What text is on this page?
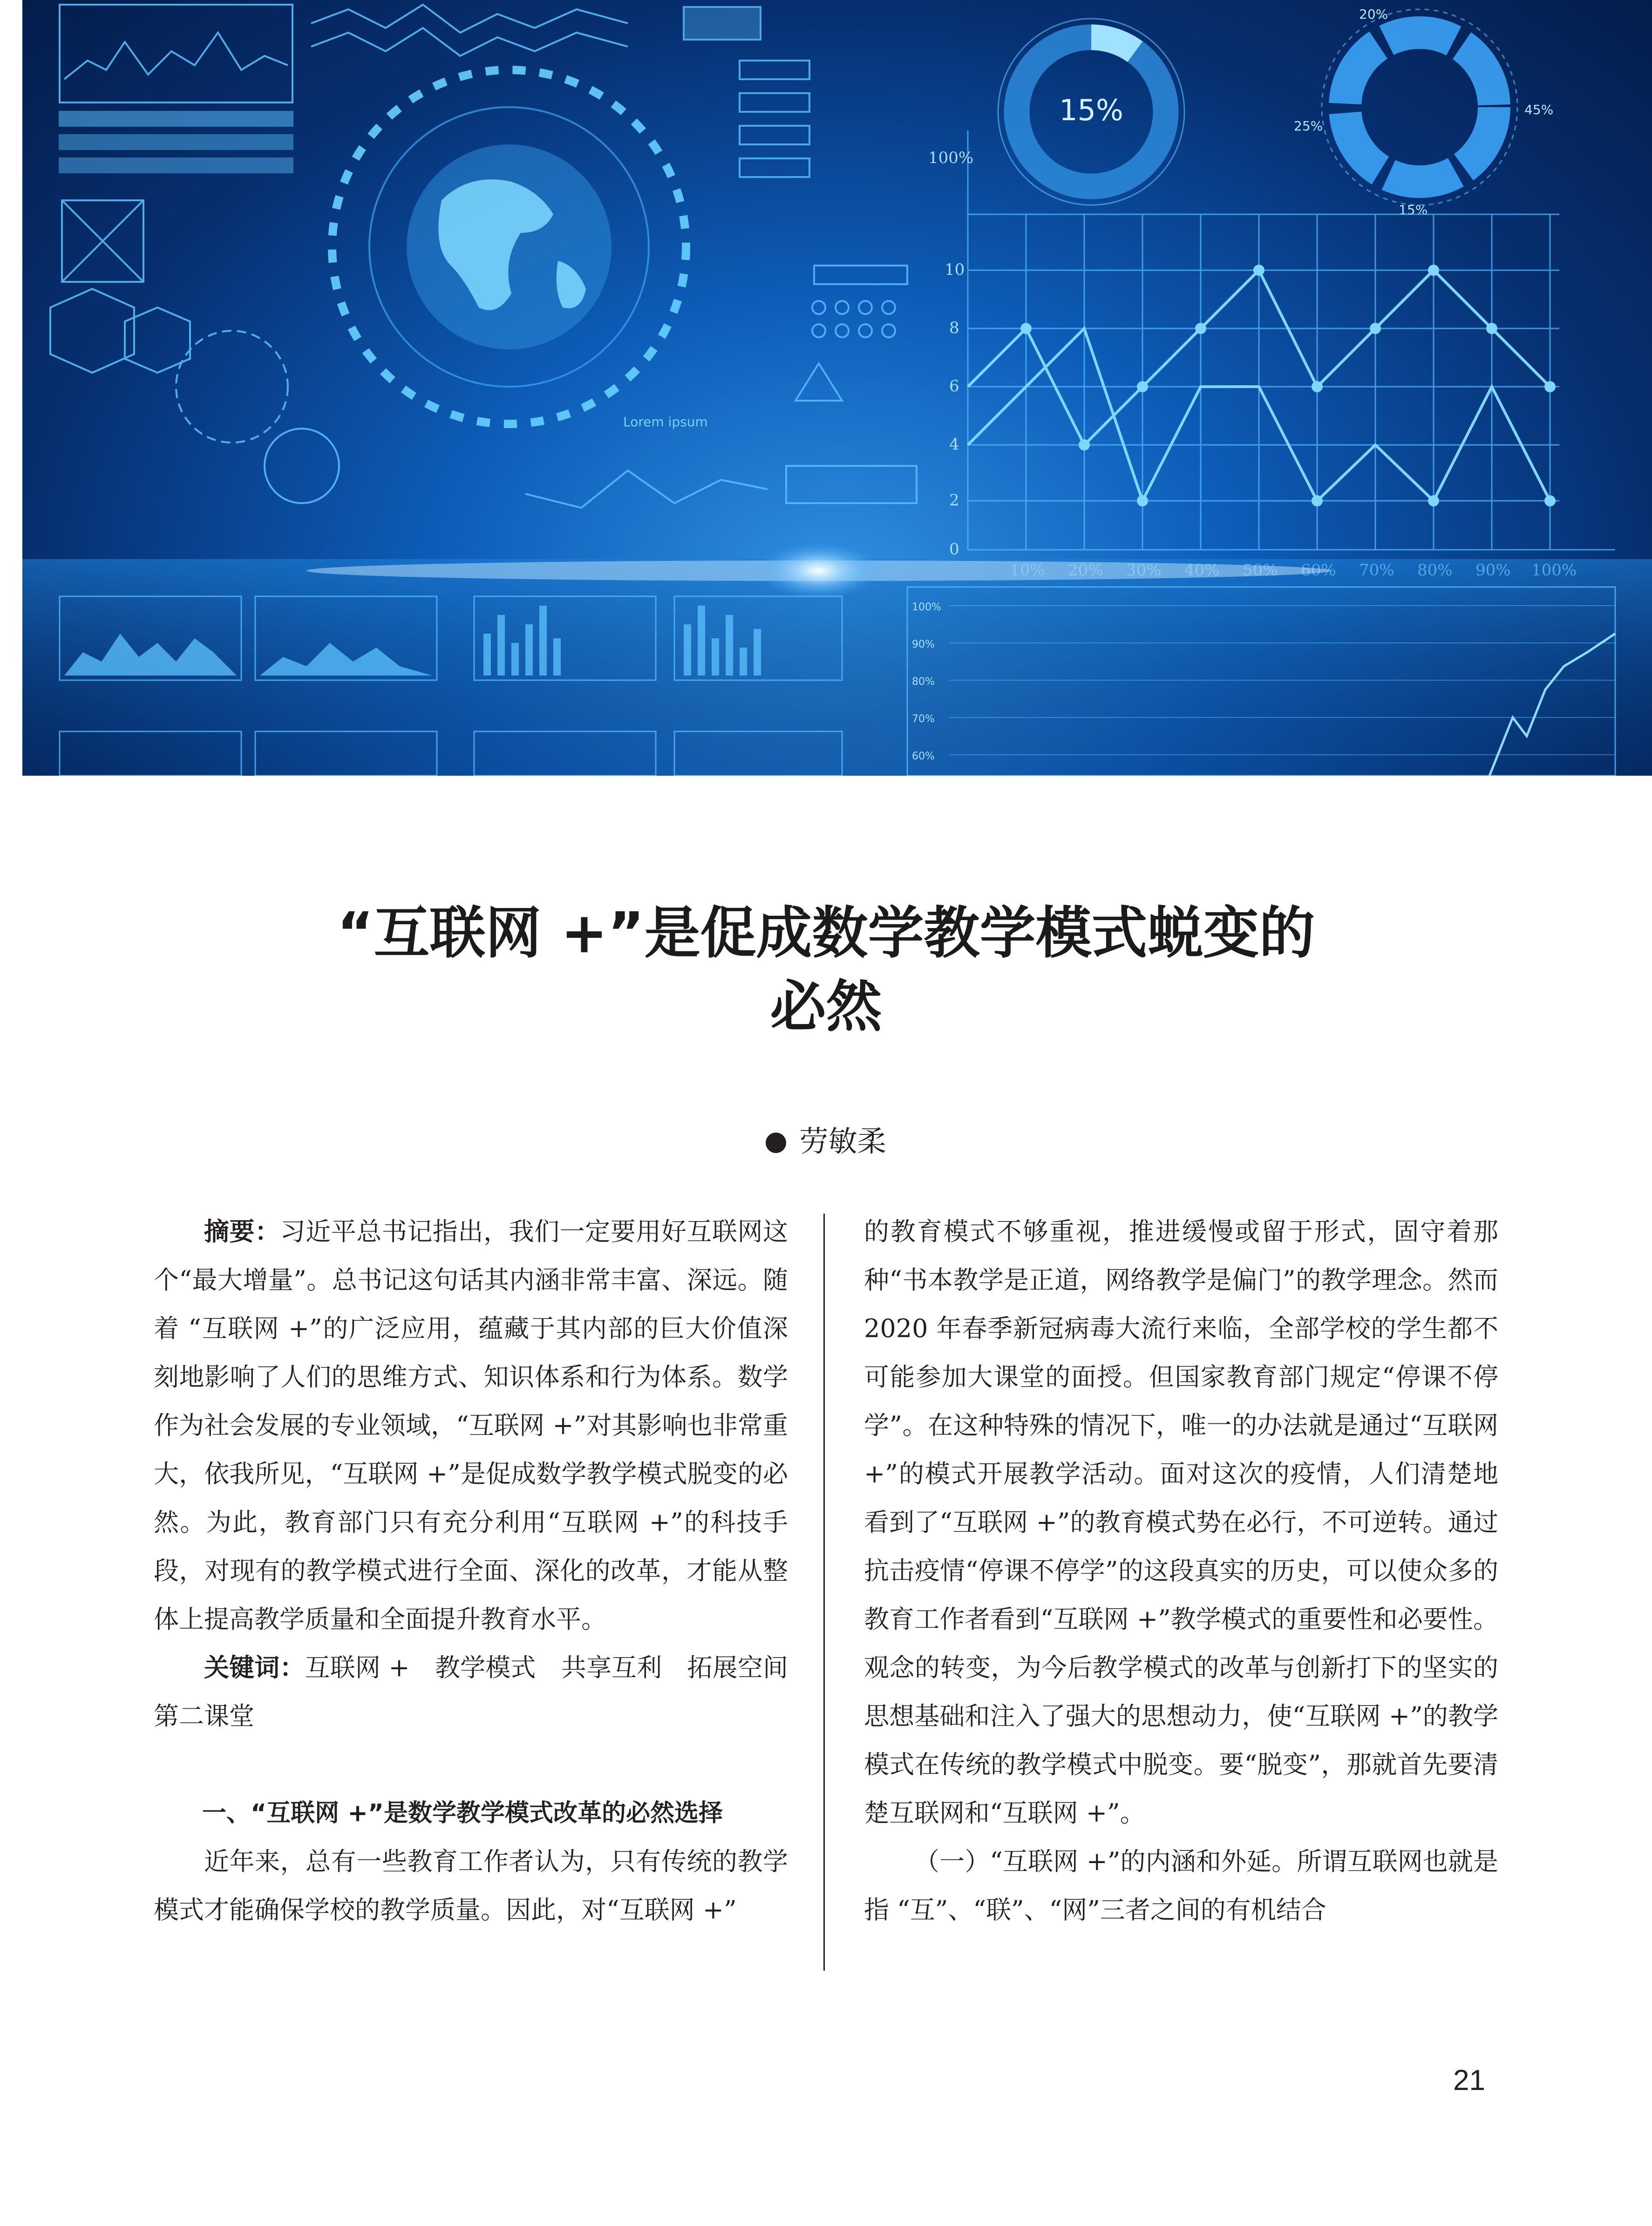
15%
20%
45%
25%
15%
100%
10
8
6
4
2
0
Lorem ipsum
100%
90%
80%
70%
60%
“互联网 +”是促成数学教学模式蜕变的
必然
劳敏柔

摘要：习近平总书记指出，我们一定要用好互联网这个“最大增量”。总书记这句话其内涵非常丰富、深远。随着 “互联网 +”的广泛应用，蕴藏于其内部的巨大价值深刻地影响了人们的思维方式、知识体系和行为体系。数学作为社会发展的专业领域，“互联网 +”对其影响也非常重大，依我所见，“互联网 +”是促成数学教学模式脱变的必然。为此，教育部门只有充分利用“互联网 +”的科技手段，对现有的教学模式进行全面、深化的改革，才能从整体上提高教学质量和全面提升教育水平。

关键词：互联网 +　教学模式　共享互利　拓展空间　第二课堂

一、“互联网 +”是数学教学模式改革的必然选择

近年来，总有一些教育工作者认为，只有传统的教学模式才能确保学校的教学质量。因此，对“互联网 +”

的教育模式不够重视，推进缓慢或留于形式，固守着那种“书本教学是正道，网络教学是偏门”的教学理念。然而 2020 年春季新冠病毒大流行来临，全部学校的学生都不可能参加大课堂的面授。但国家教育部门规定“停课不停学”。在这种特殊的情况下，唯一的办法就是通过“互联网 +”的模式开展教学活动。面对这次的疫情，人们清楚地看到了“互联网 +”的教育模式势在必行，不可逆转。通过抗击疫情“停课不停学”的这段真实的历史，可以使众多的教育工作者看到“互联网 +”教学模式的重要性和必要性。观念的转变，为今后教学模式的改革与创新打下的坚实的思想基础和注入了强大的思想动力，使“互联网 +”的教学模式在传统的教学模式中脱变。要“脱变”，那就首先要清楚互联网和“互联网 +”。

（一）“互联网 +”的内涵和外延。所谓互联网也就是指 “互”、“联”、“网”三者之间的有机结合

21
